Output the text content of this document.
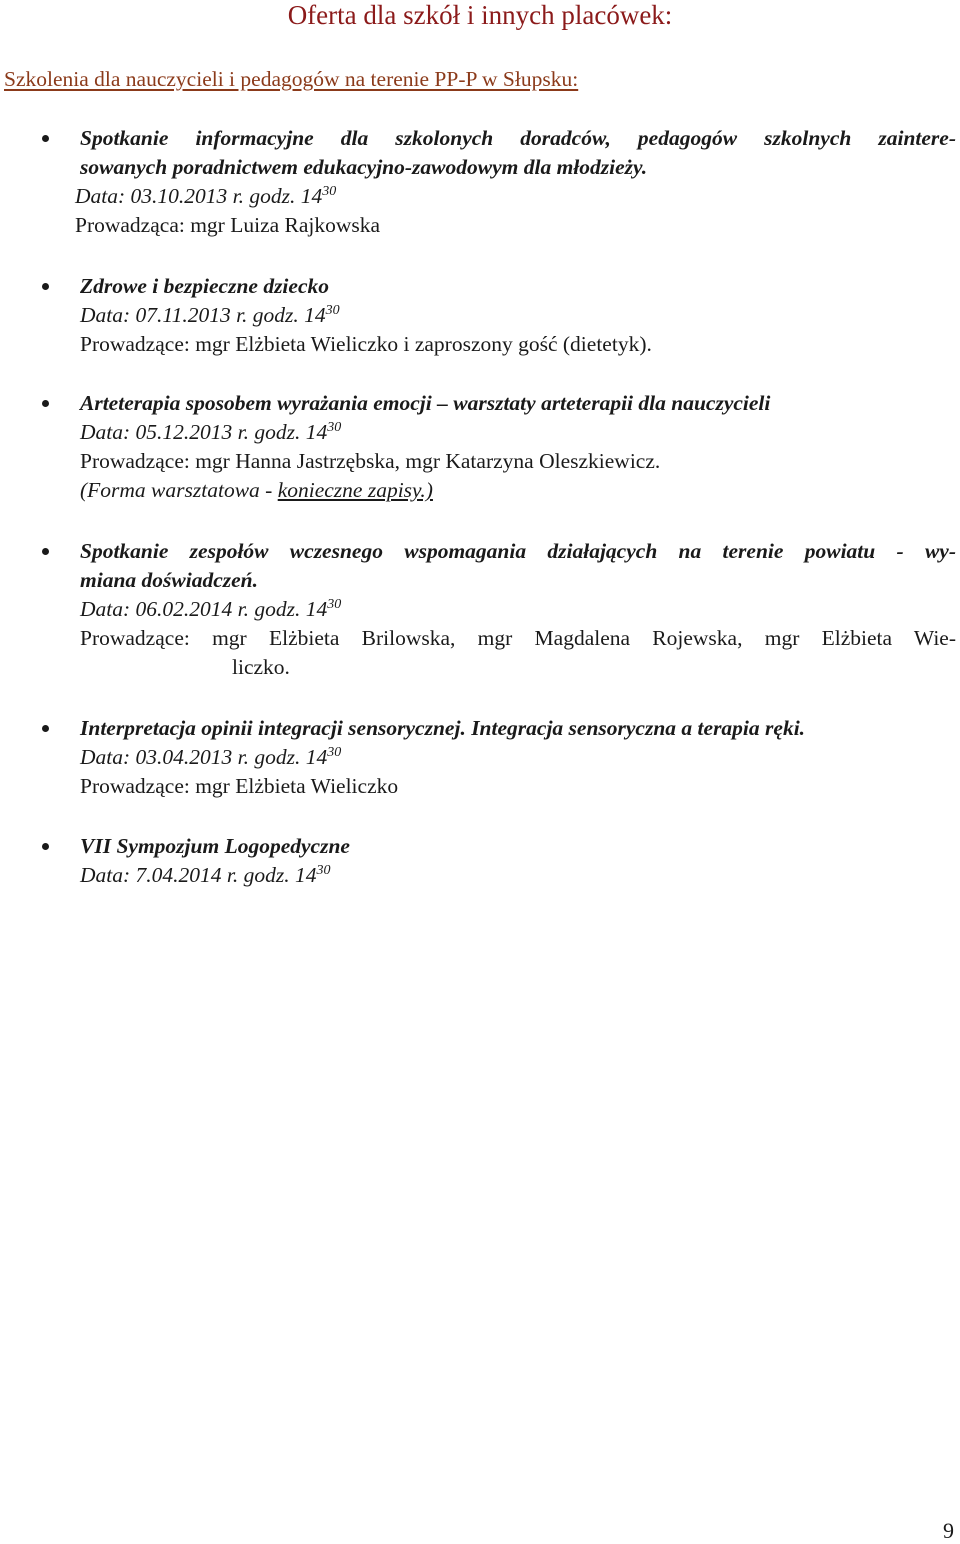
Oferta dla szkół i innych placówek:
Szkolenia dla nauczycieli i pedagogów na terenie PP-P w Słupsku:
Spotkanie informacyjne dla szkolonych doradców, pedagogów szkolnych zaintere-
sowanych poradnictwem edukacyjno-zawodowym dla młodzieży.
Data: 03.10.2013 r. godz. $14^{30}$
Prowadząca: mgr Luiza Rajkowska
Zdrowe i bezpieczne dziecko
Data: 07.11.2013 r. godz. $14^{30}$
Prowadzące: mgr Elżbieta Wieliczko i zaproszony gość (dietetyk).
Arteterapia sposobem wyrażania emocji – warsztaty arteterapii dla nauczycieli
Data: 05.12.2013 r. godz. $14^{30}$
Prowadzące: mgr Hanna Jastrzębska, mgr Katarzyna Oleszkiewicz.
(Forma warsztatowa - konieczne zapisy.)
Spotkanie zespołów wczesnego wspomagania działających na terenie powiatu - wy-
miana doświadczeń.
Data: 06.02.2014 r. godz. $14^{30}$
Prowadzące: mgr Elżbieta Brilowska, mgr Magdalena Rojewska, mgr Elżbieta Wie-
liczko.
Interpretacja opinii integracji sensorycznej. Integracja sensoryczna a terapia ręki.
Data: 03.04.2013 r. godz. $14^{30}$
Prowadzące: mgr Elżbieta Wieliczko
VII Sympozjum Logopedyczne
Data: 7.04.2014 r. godz. $14^{30}$
9
